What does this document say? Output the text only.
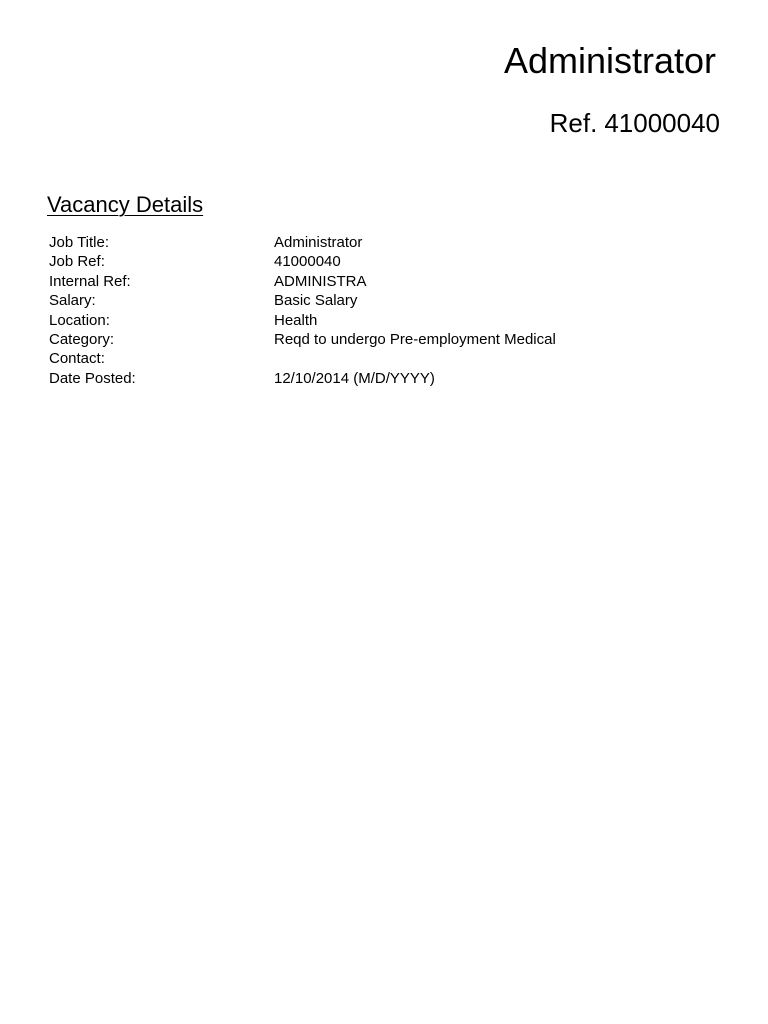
Administrator
Ref. 41000040
Vacancy Details
Job Title:	Administrator
Job Ref:	41000040
Internal Ref:	ADMINISTRA
Salary:	Basic Salary
Location:	Health
Category:	Reqd to undergo Pre-employment Medical
Contact:	
Date Posted:	12/10/2014 (M/D/YYYY)
